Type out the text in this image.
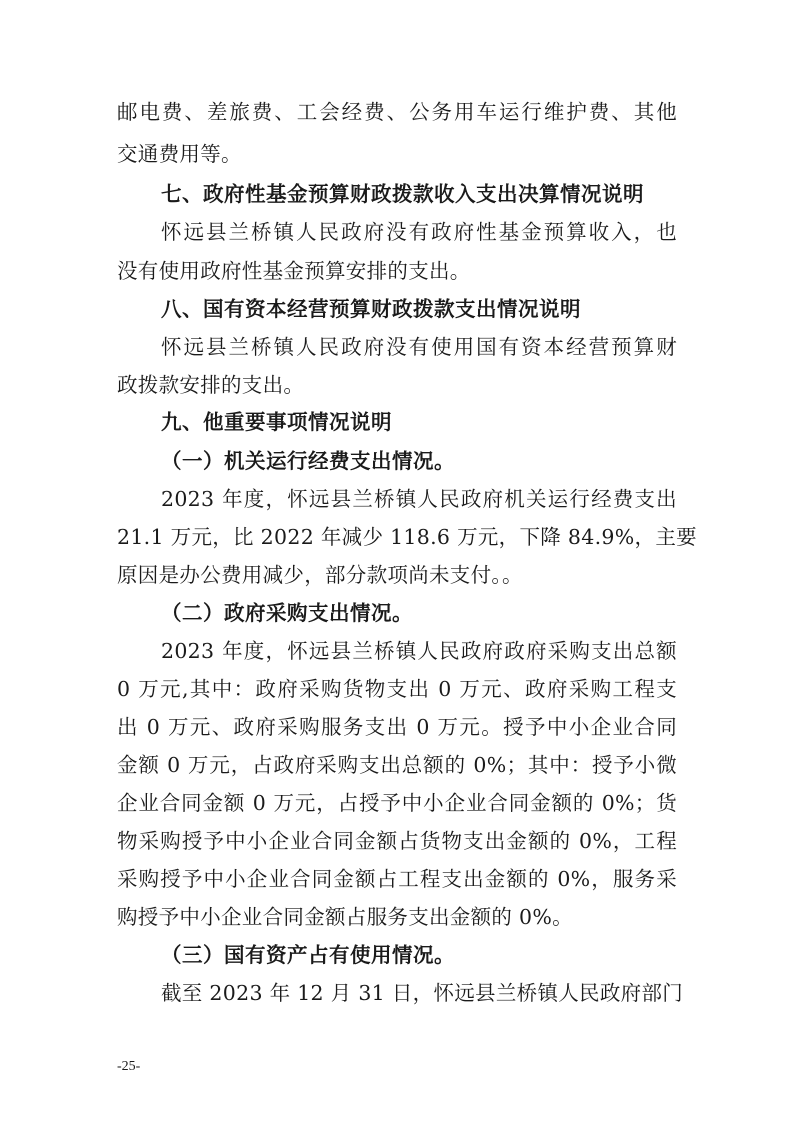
邮电费、差旅费、工会经费、公务用车运行维护费、其他
交通费用等。
七、政府性基金预算财政拨款收入支出决算情况说明
怀远县兰桥镇人民政府没有政府性基金预算收入，也
没有使用政府性基金预算安排的支出。
八、国有资本经营预算财政拨款支出情况说明
怀远县兰桥镇人民政府没有使用国有资本经营预算财
政拨款安排的支出。
九、他重要事项情况说明
（一）机关运行经费支出情况。
2023 年度，怀远县兰桥镇人民政府机关运行经费支出
21.1 万元，比 2022 年减少 118.6 万元，下降 84.9%，主要
原因是办公费用减少，部分款项尚未支付。。
（二）政府采购支出情况。
2023 年度，怀远县兰桥镇人民政府政府采购支出总额
0 万元,其中：政府采购货物支出 0 万元、政府采购工程支
出 0 万元、政府采购服务支出 0 万元。授予中小企业合同
金额 0 万元，占政府采购支出总额的 0%；其中：授予小微
企业合同金额 0 万元，占授予中小企业合同金额的 0%；货
物采购授予中小企业合同金额占货物支出金额的 0%，工程
采购授予中小企业合同金额占工程支出金额的 0%，服务采
购授予中小企业合同金额占服务支出金额的 0%。
（三）国有资产占有使用情况。
截至 2023 年 12 月 31 日，怀远县兰桥镇人民政府部门
-25-
